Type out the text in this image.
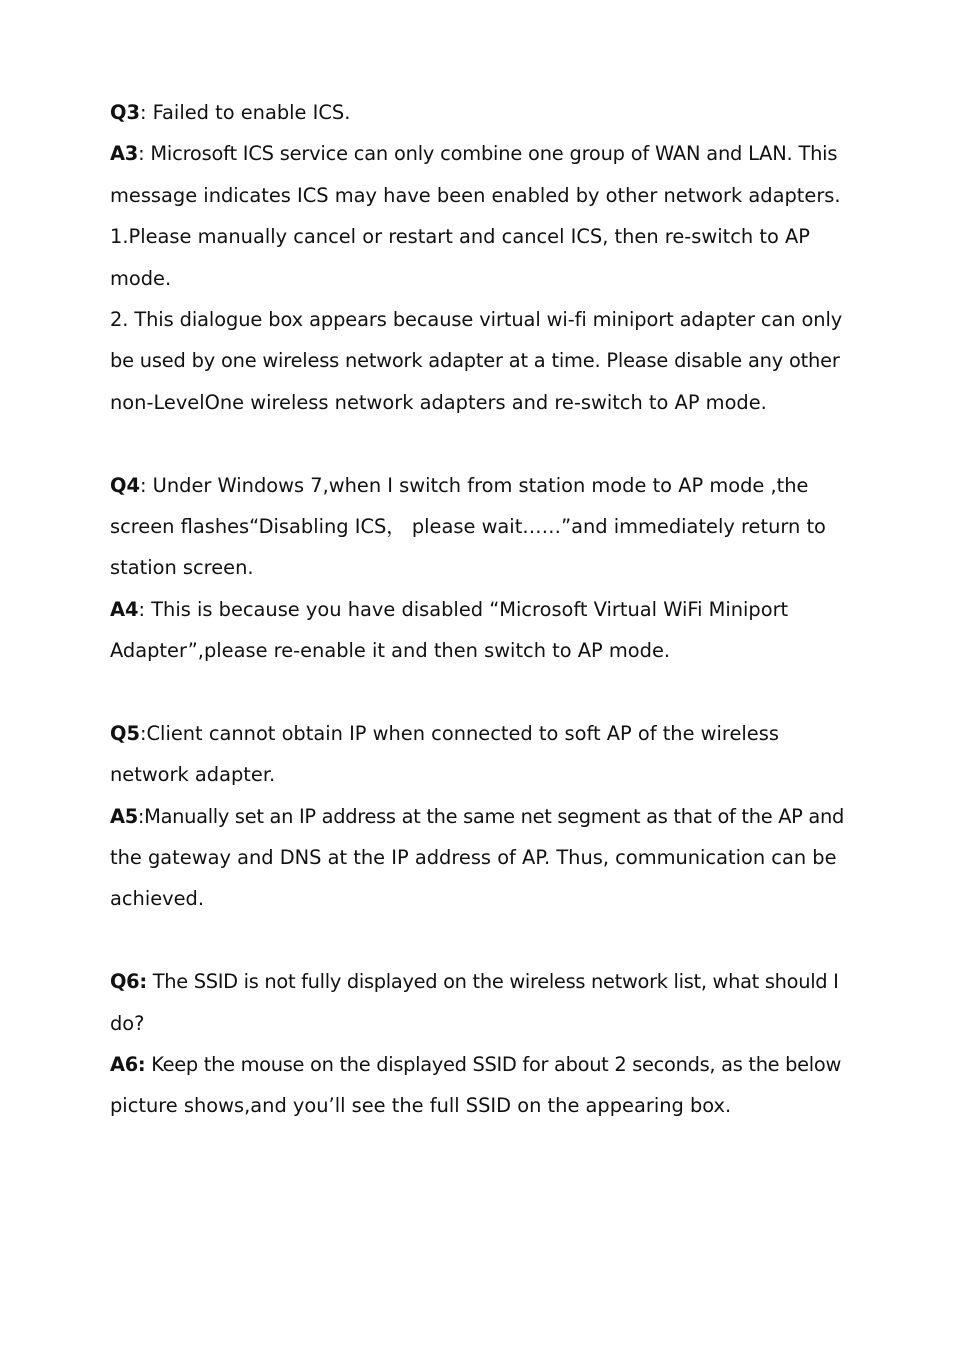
Q3: Failed to enable ICS.

A3: Microsoft ICS service can only combine one group of WAN and LAN. This

message indicates ICS may have been enabled by other network adapters.

1.Please manually cancel or restart and cancel ICS, then re-switch to AP

mode.

2. This dialogue box appears because virtual wi-fi miniport adapter can only

be used by one wireless network adapter at a time. Please disable any other

non-LevelOne wireless network adapters and re-switch to AP mode.

Q4: Under Windows 7,when I switch from station mode to AP mode ,the

screen flashes“Disabling ICS， please wait……”and immediately return to

station screen.

A4: This is because you have disabled “Microsoft Virtual WiFi Miniport

Adapter”,please re-enable it and then switch to AP mode.

Q5:Client cannot obtain IP when connected to soft AP of the wireless

network adapter.

A5:Manually set an IP address at the same net segment as that of the AP and

the gateway and DNS at the IP address of AP. Thus, communication can be

achieved.

Q6: The SSID is not fully displayed on the wireless network list, what should I

do?

A6: Keep the mouse on the displayed SSID for about 2 seconds, as the below

picture shows,and you’ll see the full SSID on the appearing box.
